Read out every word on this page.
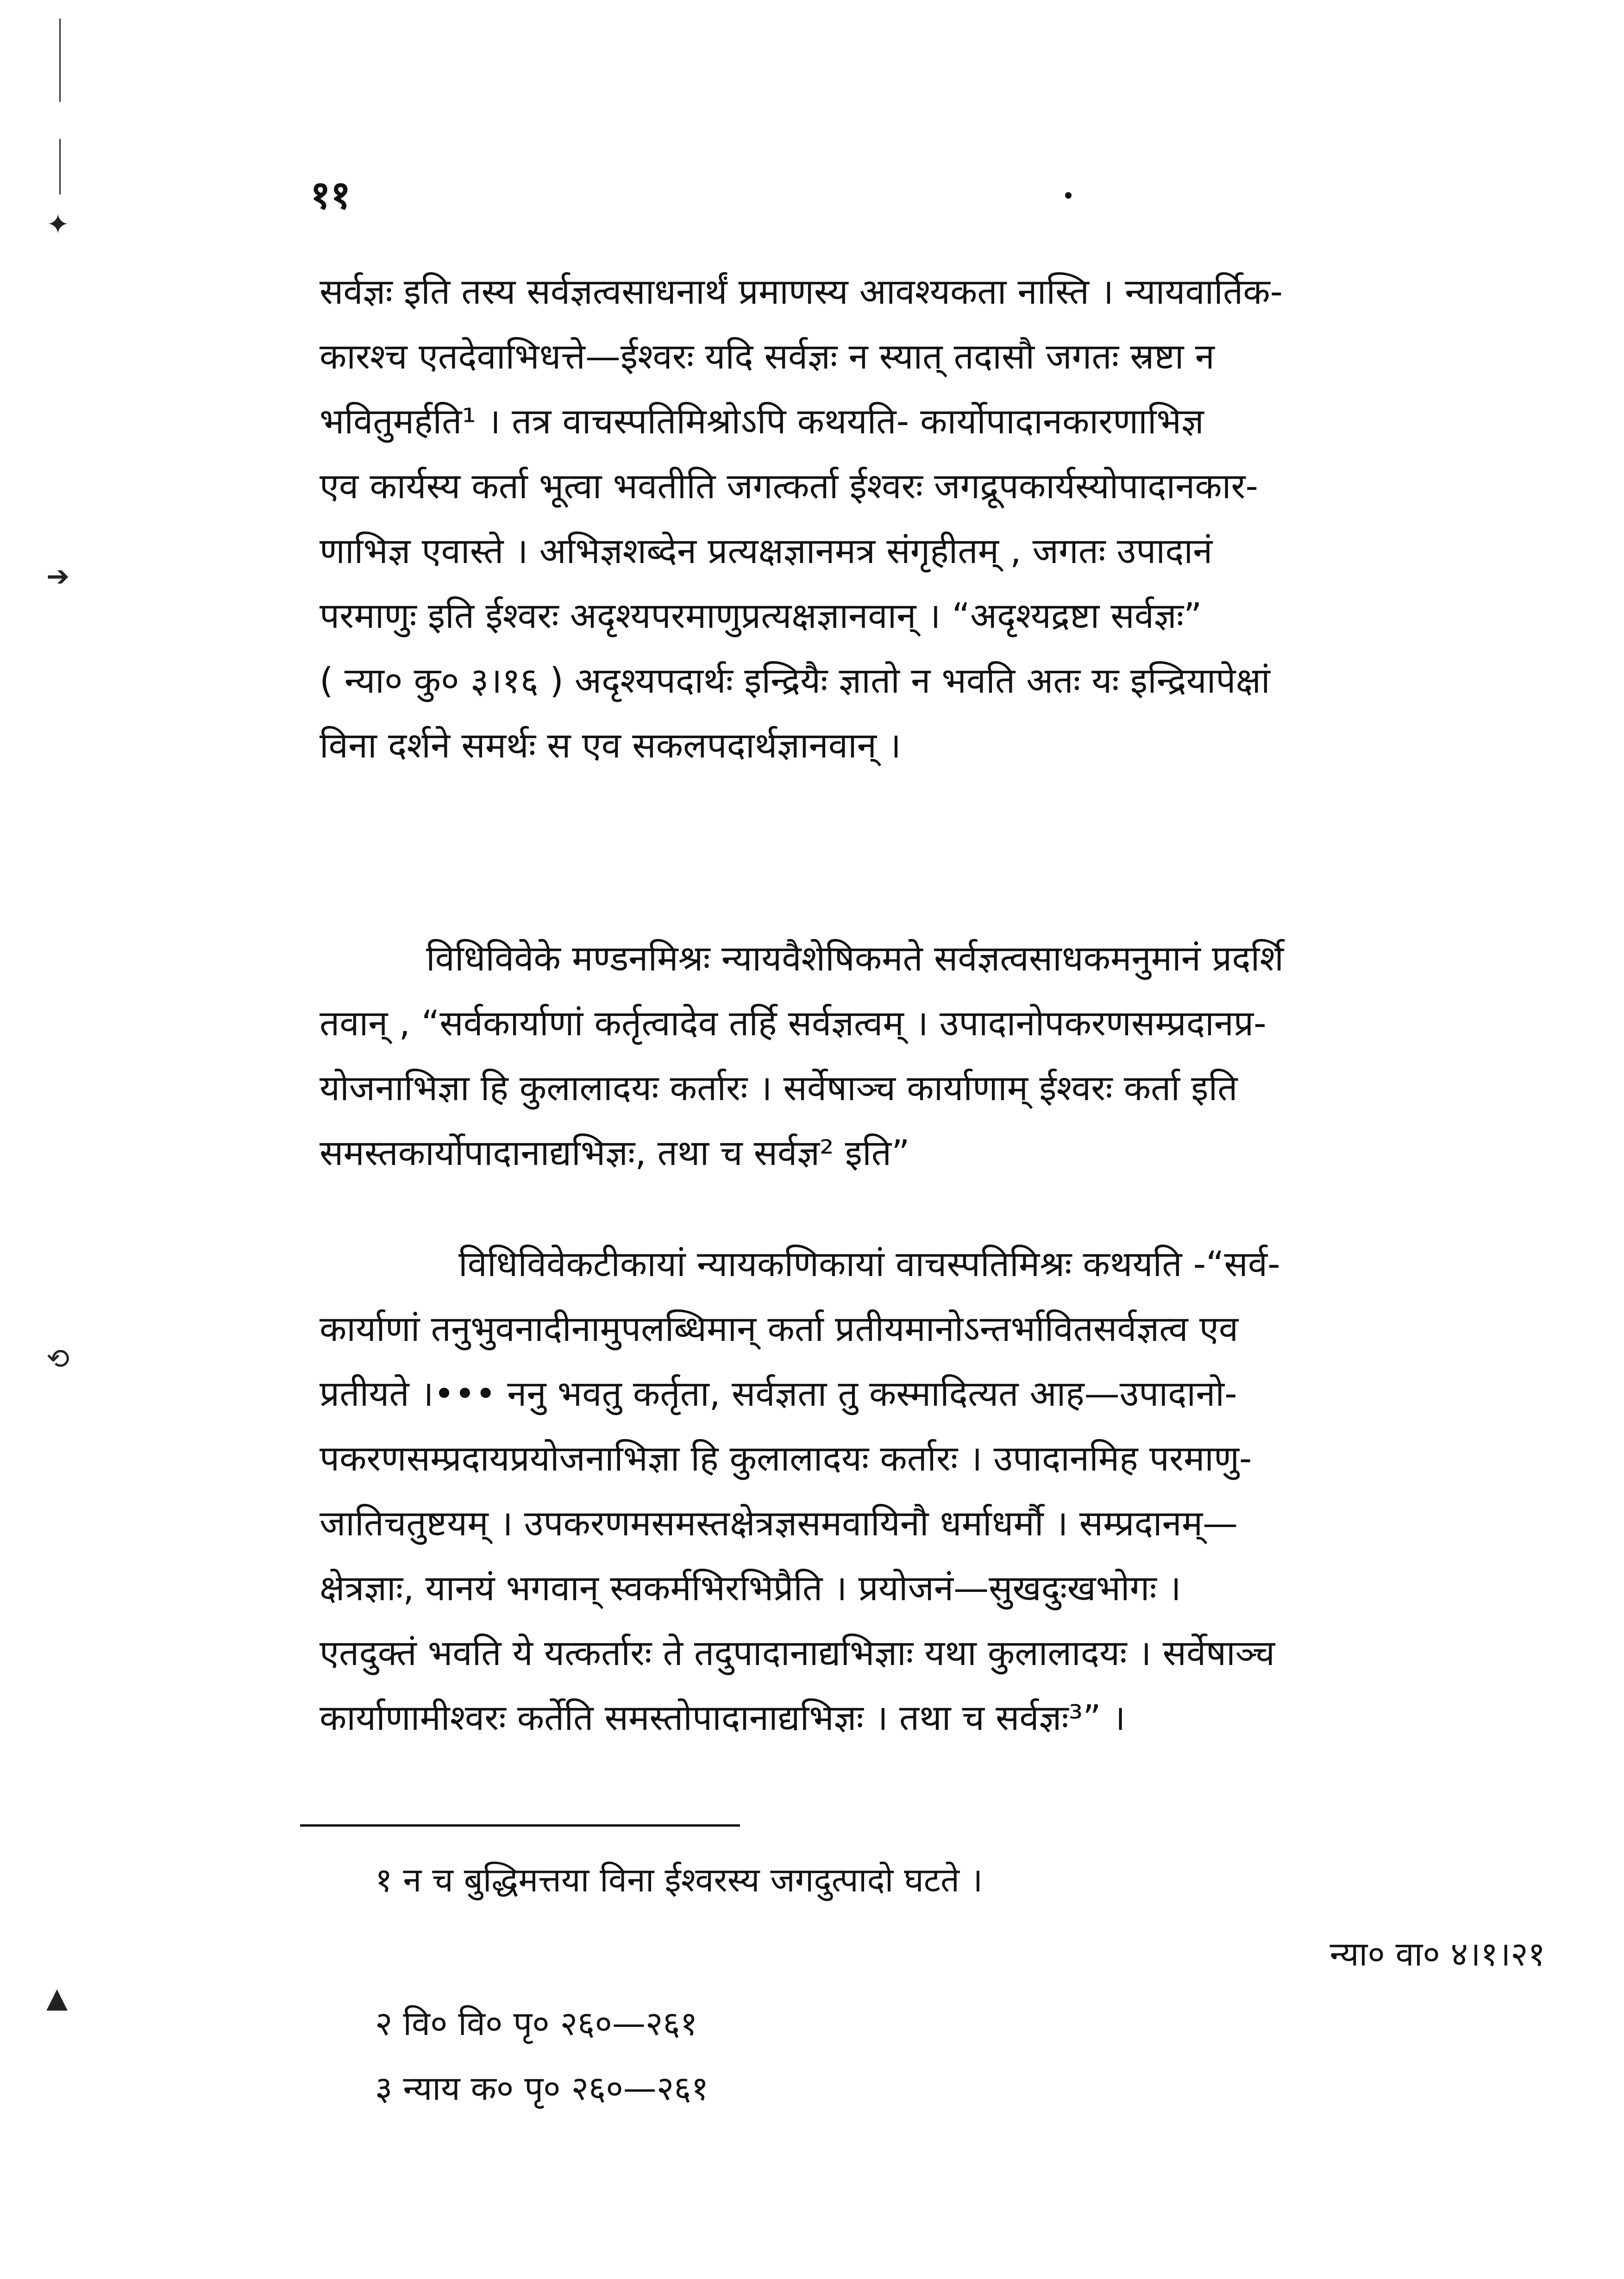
✦
➔
⟲
▲
११
सर्वज्ञः इति तस्य सर्वज्ञत्वसाधनार्थं प्रमाणस्य आवश्यकता नास्ति । न्यायवार्तिक-
कारश्च एतदेवाभिधत्ते—ईश्वरः यदि सर्वज्ञः न स्यात् तदासौ जगतः स्रष्टा न
भवितुमर्हति¹ । तत्र वाचस्पतिमिश्रोऽपि कथयति- कार्योपादानकारणाभिज्ञ
एव कार्यस्य कर्ता भूत्वा भवतीति जगत्कर्ता ईश्वरः जगद्रूपकार्यस्योपादानकार-
णाभिज्ञ एवास्ते । अभिज्ञशब्देन प्रत्यक्षज्ञानमत्र संगृहीतम् , जगतः उपादानं
परमाणुः इति ईश्वरः अदृश्यपरमाणुप्रत्यक्षज्ञानवान् । “अदृश्यद्रष्टा सर्वज्ञः”
( न्या० कु० ३।१६ ) अदृश्यपदार्थः इन्द्रियैः ज्ञातो न भवति अतः यः इन्द्रियापेक्षां
विना दर्शने समर्थः स एव सकलपदार्थज्ञानवान् ।
विधिविवेके मण्डनमिश्रः न्यायवैशेषिकमते सर्वज्ञत्वसाधकमनुमानं प्रदर्शि
तवान् , “सर्वकार्याणां कर्तृत्वादेव तर्हि सर्वज्ञत्वम् । उपादानोपकरणसम्प्रदानप्र-
योजनाभिज्ञा हि कुलालादयः कर्तारः । सर्वेषाञ्च कार्याणाम् ईश्वरः कर्ता इति
समस्तकार्योपादानाद्यभिज्ञः, तथा च सर्वज्ञ² इति”
विधिविवेकटीकायां न्यायकणिकायां वाचस्पतिमिश्रः कथयति -“सर्व-
कार्याणां तनुभुवनादीनामुपलब्धिमान् कर्ता प्रतीयमानोऽन्तर्भावितसर्वज्ञत्व एव
प्रतीयते ।••• ननु भवतु कर्तृता, सर्वज्ञता तु कस्मादित्यत आह—उपादानो-
पकरणसम्प्रदायप्रयोजनाभिज्ञा हि कुलालादयः कर्तारः । उपादानमिह परमाणु-
जातिचतुष्टयम् । उपकरणमसमस्तक्षेत्रज्ञसमवायिनौ धर्माधर्मौ । सम्प्रदानम्—
क्षेत्रज्ञाः, यानयं भगवान् स्वकर्मभिरभिप्रैति । प्रयोजनं—सुखदुःखभोगः ।
एतदुक्तं भवति ये यत्कर्तारः ते तदुपादानाद्यभिज्ञाः यथा कुलालादयः । सर्वेषाञ्च
कार्याणामीश्वरः कर्तेति समस्तोपादानाद्यभिज्ञः । तथा च सर्वज्ञः³” ।
१ न च बुद्धिमत्तया विना ईश्वरस्य जगदुत्पादो घटते ।
न्या० वा० ४।१।२१
२ वि० वि० पृ० २६०—२६१
३ न्याय क० पृ० २६०—२६१
